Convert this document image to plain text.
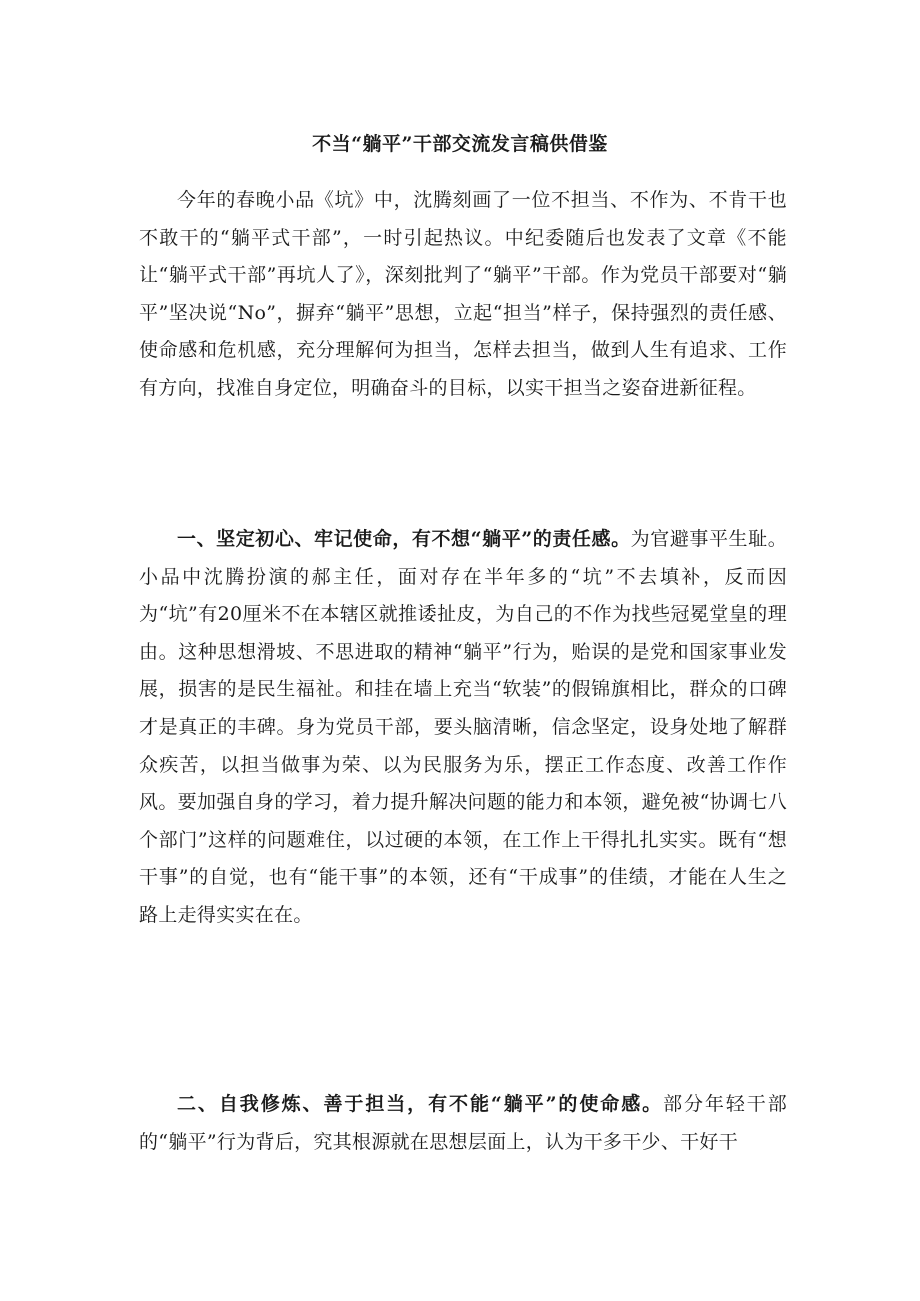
不当“躺平”干部交流发言稿供借鉴

今年的春晚小品《坑》中，沈腾刻画了一位不担当、不作为、不肯干也不敢干的“躺平式干部”，一时引起热议。中纪委随后也发表了文章《不能让“躺平式干部”再坑人了》，深刻批判了“躺平”干部。作为党员干部要对“躺平”坚决说“No”，摒弃“躺平”思想，立起“担当”样子，保持强烈的责任感、使命感和危机感，充分理解何为担当，怎样去担当，做到人生有追求、工作有方向，找准自身定位，明确奋斗的目标，以实干担当之姿奋进新征程。

一、坚定初心、牢记使命，有不想“躺平”的责任感。为官避事平生耻。小品中沈腾扮演的郝主任，面对存在半年多的“坑”不去填补，反而因为“坑”有20厘米不在本辖区就推诿扯皮，为自己的不作为找些冠冕堂皇的理由。这种思想滑坡、不思进取的精神“躺平”行为，贻误的是党和国家事业发展，损害的是民生福祉。和挂在墙上充当“软装”的假锦旗相比，群众的口碑才是真正的丰碑。身为党员干部，要头脑清晰，信念坚定，设身处地了解群众疾苦，以担当做事为荣、以为民服务为乐，摆正工作态度、改善工作作风。要加强自身的学习，着力提升解决问题的能力和本领，避免被“协调七八个部门”这样的问题难住，以过硬的本领，在工作上干得扎扎实实。既有“想干事”的自觉，也有“能干事”的本领，还有“干成事”的佳绩，才能在人生之路上走得实实在在。

二、自我修炼、善于担当，有不能“躺平”的使命感。部分年轻干部的“躺平”行为背后，究其根源就在思想层面上，认为干多干少、干好干
